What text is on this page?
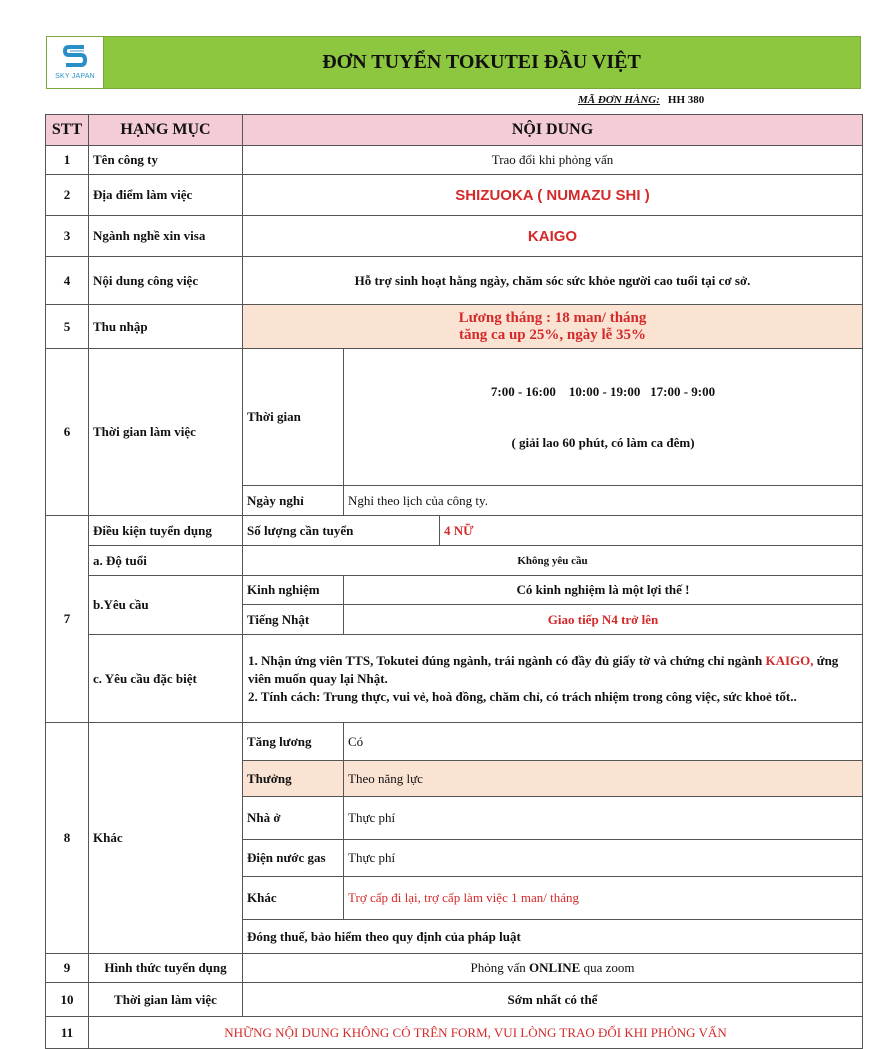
SKY JAPAN
ĐƠN TUYỂN TOKUTEI ĐẦU VIỆT
MÃ ĐƠN HÀNG: HH 380
STT	HẠNG MỤC	NỘI DUNG		
1	Tên công ty	Trao đổi khi phỏng vấn		
2	Địa điểm làm việc	SHIZUOKA ( NUMAZU SHI )		
3	Ngành nghề xin visa	KAIGO		
4	Nội dung công việc	Hỗ trợ sinh hoạt hằng ngày, chăm sóc sức khỏe người cao tuổi tại cơ sở.		
5	Thu nhập	Lương tháng : 18 man/ tháng
tăng ca up 25%, ngày lễ 35%		

6	Thời gian làm việc	Thời gian	7:00 - 16:00    10:00 - 19:00   17:00 - 9:00

( giải lao 60 phút, có làm ca đêm)	

		Ngày nghỉ	Nghỉ theo lịch của công ty.	
7	Điều kiện tuyển dụng	Số lượng cần tuyển		4 NỮ
	a. Độ tuổi	Không yêu cầu		
	b.Yêu cầu	Kinh nghiệm	Có kinh nghiệm là một lợi thế !	
		Tiếng Nhật	Giao tiếp N4 trở lên	
	c. Yêu cầu đặc biệt	1. Nhận ứng viên TTS, Tokutei đúng ngành, trái ngành có đầy đủ giấy tờ và chứng chỉ ngành KAIGO, ứng viên muốn quay lại Nhật.
2. Tính cách: Trung thực, vui vẻ, hoà đồng, chăm chỉ, có trách nhiệm trong công việc, sức khoẻ tốt..		

8	Khác	Tăng lương	Có	
		Thưởng	Theo năng lực	
		Nhà ở	Thực phí	
		Điện nước gas	Thực phí	
		Khác	Trợ cấp đi lại, trợ cấp làm việc 1 man/ tháng	
		Đóng thuế, bảo hiểm theo quy định của pháp luật		
9	Hình thức tuyển dụng	Phỏng vấn ONLINE qua zoom		
10	Thời gian làm việc	Sớm nhất có thể		
11	NHỮNG NỘI DUNG KHÔNG CÓ TRÊN FORM, VUI LÒNG TRAO ĐỔI KHI PHỎNG VẤN			
